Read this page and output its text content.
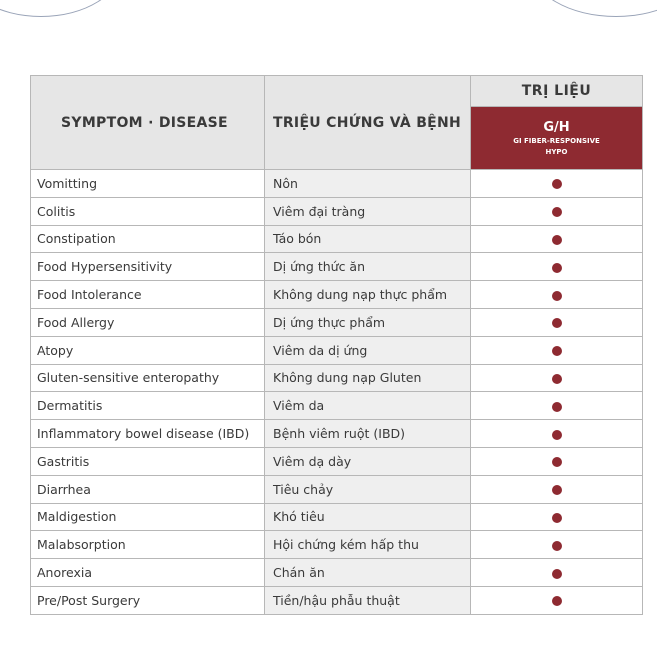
SYMPTOM · DISEASE	TRIỆU CHỨNG VÀ BỆNH	TRỊ LIỆU

		G/H
GI FIBER-RESPONSIVE
HYPO

Vomitting	Nôn	
Colitis	Viêm đại tràng	
Constipation	Táo bón	
Food Hypersensitivity	Dị ứng thức ăn	
Food Intolerance	Không dung nạp thực phẩm	
Food Allergy	Dị ứng thực phẩm	
Atopy	Viêm da dị ứng	
Gluten-sensitive enteropathy	Không dung nạp Gluten	
Dermatitis	Viêm da	
Inflammatory bowel disease (IBD)	Bệnh viêm ruột (IBD)	
Gastritis	Viêm dạ dày	
Diarrhea	Tiêu chảy	
Maldigestion	Khó tiêu	
Malabsorption	Hội chứng kém hấp thu	
Anorexia	Chán ăn	
Pre/Post Surgery	Tiền/hậu phẫu thuật	
